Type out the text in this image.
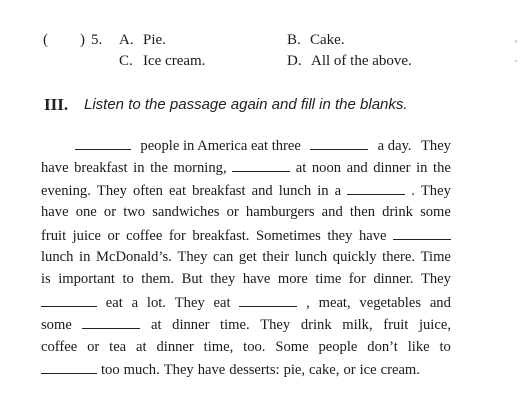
( ) 5. A. Pie.	B. Cake.
C. Ice cream.	D. All of the above.
III. Listen to the passage again and fill in the blanks.
people in America eat three	a day. They
have breakfast in the morning,	at noon and dinner in the
evening. They often eat breakfast and lunch in a	. They
have one or two sandwiches or hamburgers and then drink some
fruit juice or coffee for breakfast. Sometimes they have
lunch in McDonald’s. They can get their lunch quickly there. Time
is important to them. But they have more time for dinner. They
eat a lot. They eat	, meat, vegetables and
some	at dinner time. They drink milk, fruit juice,
coffee or tea at dinner time, too. Some people don’t like to
too much. They have desserts: pie, cake, or ice cream.
